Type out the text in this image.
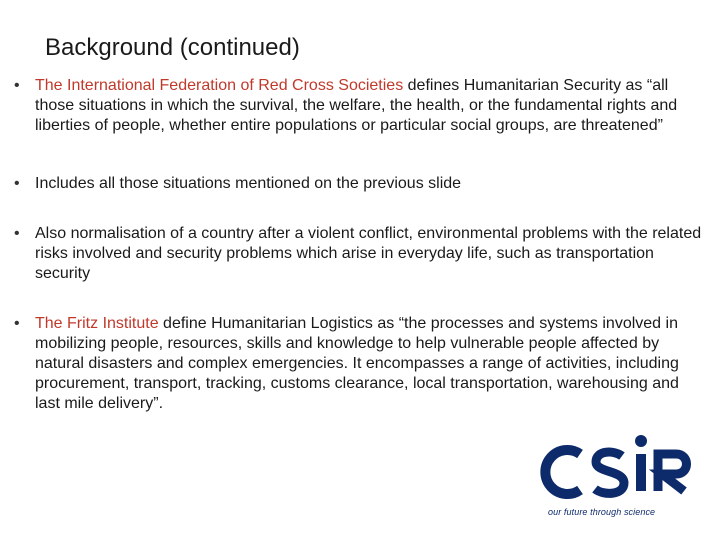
Background (continued)
• The International Federation of Red Cross Societies defines Humanitarian Security as “all those situations in which the survival, the welfare, the health, or the fundamental rights and liberties of people, whether entire populations or particular social groups, are threatened”
• Includes all those situations mentioned on the previous slide
• Also normalisation of a country after a violent conflict, environmental problems with the related risks involved and security problems which arise in everyday life, such as transportation security
• The Fritz Institute define Humanitarian Logistics as “the processes and systems involved in mobilizing people, resources, skills and knowledge to help vulnerable people affected by natural disasters and complex emergencies. It encompasses a range of activities, including procurement, transport, tracking, customs clearance, local transportation, warehousing and last mile delivery”.
our future through science
